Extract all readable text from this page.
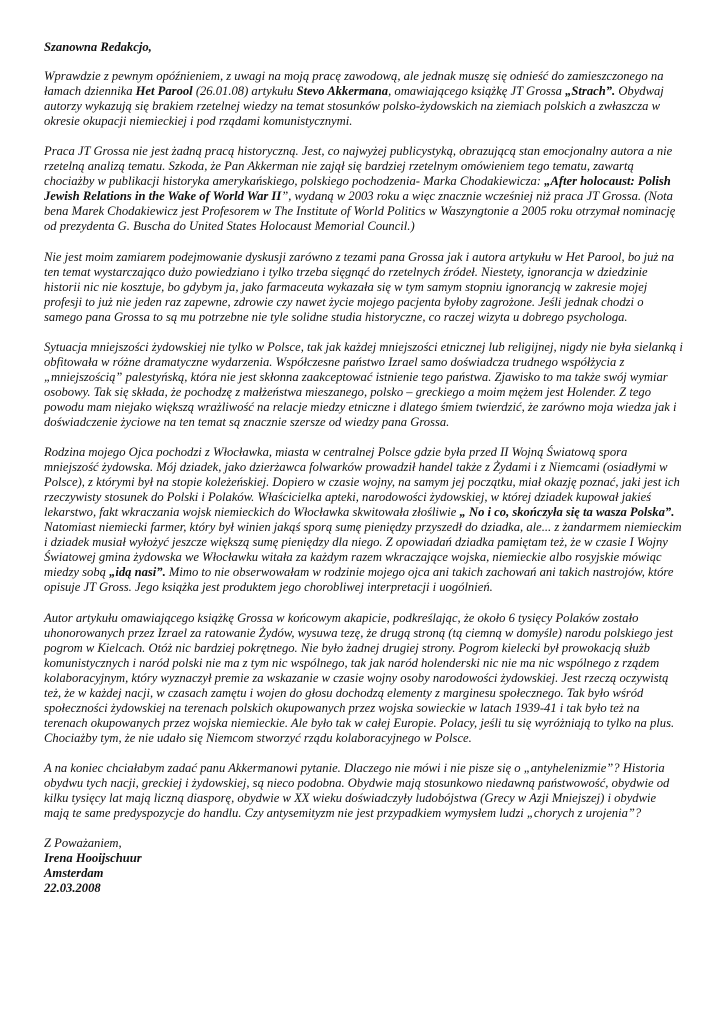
Szanowna Redakcjo,

Wprawdzie z pewnym opóźnieniem, z uwagi na moją pracę zawodową, ale jednak muszę się odnieść do zamieszczonego na łamach dziennika Het Parool (26.01.08) artykułu Stevo Akkermana, omawiającego książkę JT Grossa „Strach”. Obydwaj autorzy wykazują się brakiem rzetelnej wiedzy na temat stosunków polsko-żydowskich na ziemiach polskich a zwłaszcza w okresie okupacji niemieckiej i pod rządami komunistycznymi.

Praca JT Grossa nie jest żadną pracą historyczną. Jest, co najwyżej publicystyką, obrazującą stan emocjonalny autora a nie rzetelną analizą tematu. Szkoda, że Pan Akkerman nie zajął się bardziej rzetelnym omówieniem tego tematu, zawartą chociażby w publikacji historyka amerykańskiego, polskiego pochodzenia- Marka Chodakiewicza: „After holocaust: Polish Jewish Relations in the Wake of World War II”, wydaną w 2003 roku a więc znacznie wcześniej niż praca JT Grossa. (Nota bena Marek Chodakiewicz jest Profesorem w The Institute of World Politics w Waszyngtonie a 2005 roku otrzymał nominację od prezydenta G. Buscha do United States Holocaust Memorial Council.)

Nie jest moim zamiarem podejmowanie dyskusji zarówno z tezami pana Grossa jak i autora artykułu w Het Parool, bo już na ten temat wystarczająco dużo powiedziano i tylko trzeba sięgnąć do rzetelnych źródeł. Niestety, ignorancja w dziedzinie historii nic nie kosztuje, bo gdybym ja, jako farmaceuta wykazała się w tym samym stopniu ignorancją w zakresie mojej profesji to już nie jeden raz zapewne, zdrowie czy nawet życie mojego pacjenta byłoby zagrożone. Jeśli jednak chodzi o samego pana Grossa to są mu potrzebne nie tyle solidne studia historyczne, co raczej wizyta u dobrego psychologa.

Sytuacja mniejszości żydowskiej nie tylko w Polsce, tak jak każdej mniejszości etnicznej lub religijnej, nigdy nie była sielanką i obfitowała w różne dramatyczne wydarzenia. Współczesne państwo Izrael samo doświadcza trudnego współżycia z „mniejszością” palestyńską, która nie jest skłonna zaakceptować istnienie tego państwa. Zjawisko to ma także swój wymiar osobowy. Tak się składa, że pochodzę z małżeństwa mieszanego, polsko – greckiego a moim mężem jest Holender. Z tego powodu mam niejako większą wrażliwość na relacje miedzy etniczne i dlatego śmiem twierdzić, że zarówno moja wiedza jak i doświadczenie życiowe na ten temat są znacznie szersze od wiedzy pana Grossa.

Rodzina mojego Ojca pochodzi z Włocławka, miasta w centralnej Polsce gdzie była przed II Wojną Światową spora mniejszość żydowska. Mój dziadek, jako dzierżawca folwarków prowadził handel także z Żydami i z Niemcami (osiadłymi w Polsce), z którymi był na stopie koleżeńskiej. Dopiero w czasie wojny, na samym jej początku, miał okazję poznać, jaki jest ich rzeczywisty stosunek do Polski i Polaków. Właścicielka apteki, narodowości żydowskiej, w której dziadek kupował jakieś lekarstwo, fakt wkraczania wojsk niemieckich do Włocławka skwitowała złośliwie „ No i co, skończyła się ta wasza Polska”. Natomiast niemiecki farmer, który był winien jakąś sporą sumę pieniędzy przyszedł do dziadka, ale... z żandarmem niemieckim i dziadek musiał wyłożyć jeszcze większą sumę pieniędzy dla niego. Z opowiadań dziadka pamiętam też, że w czasie I Wojny Światowej gmina żydowska we Włocławku witała za każdym razem wkraczające wojska, niemieckie albo rosyjskie mówiąc miedzy sobą „idą nasi”. Mimo to nie obserwowałam w rodzinie mojego ojca ani takich zachowań ani takich nastrojów, które opisuje JT Gross. Jego książka jest produktem jego chorobliwej interpretacji i uogólnień.

Autor artykułu omawiającego książkę Grossa w końcowym akapicie, podkreślając, że około 6 tysięcy Polaków zostało uhonorowanych przez Izrael za ratowanie Żydów, wysuwa tezę, że drugą stroną (tą ciemną w domyśle) narodu polskiego jest pogrom w Kielcach. Otóż nic bardziej pokrętnego. Nie było żadnej drugiej strony. Pogrom kielecki był prowokacją służb komunistycznych i naród polski nie ma z tym nic wspólnego, tak jak naród holenderski nic nie ma nic wspólnego z rządem kolaboracyjnym, który wyznaczył premie za wskazanie w czasie wojny osoby narodowości żydowskiej. Jest rzeczą oczywistą też, że w każdej nacji, w czasach zamętu i wojen do głosu dochodzą elementy z marginesu społecznego. Tak było wśród społeczności żydowskiej na terenach polskich okupowanych przez wojska sowieckie w latach 1939-41 i tak było też na terenach okupowanych przez wojska niemieckie. Ale było tak w całej Europie. Polacy, jeśli tu się wyróżniają to tylko na plus. Chociażby tym, że nie udało się Niemcom stworzyć rządu kolaboracyjnego w Polsce.

A na koniec chciałabym zadać panu Akkermanowi pytanie. Dlaczego nie mówi i nie pisze się o „antyhelenizmie”? Historia obydwu tych nacji, greckiej i żydowskiej, są nieco podobna. Obydwie mają stosunkowo niedawną państwowość, obydwie od kilku tysięcy lat mają liczną diasporę, obydwie w XX wieku doświadczyły ludobójstwa (Grecy w Azji Mniejszej) i obydwie mają te same predyspozycje do handlu. Czy antysemityzm nie jest przypadkiem wymysłem ludzi „chorych z urojenia”?

Z Poważaniem,
Irena Hooijschuur
Amsterdam
22.03.2008
